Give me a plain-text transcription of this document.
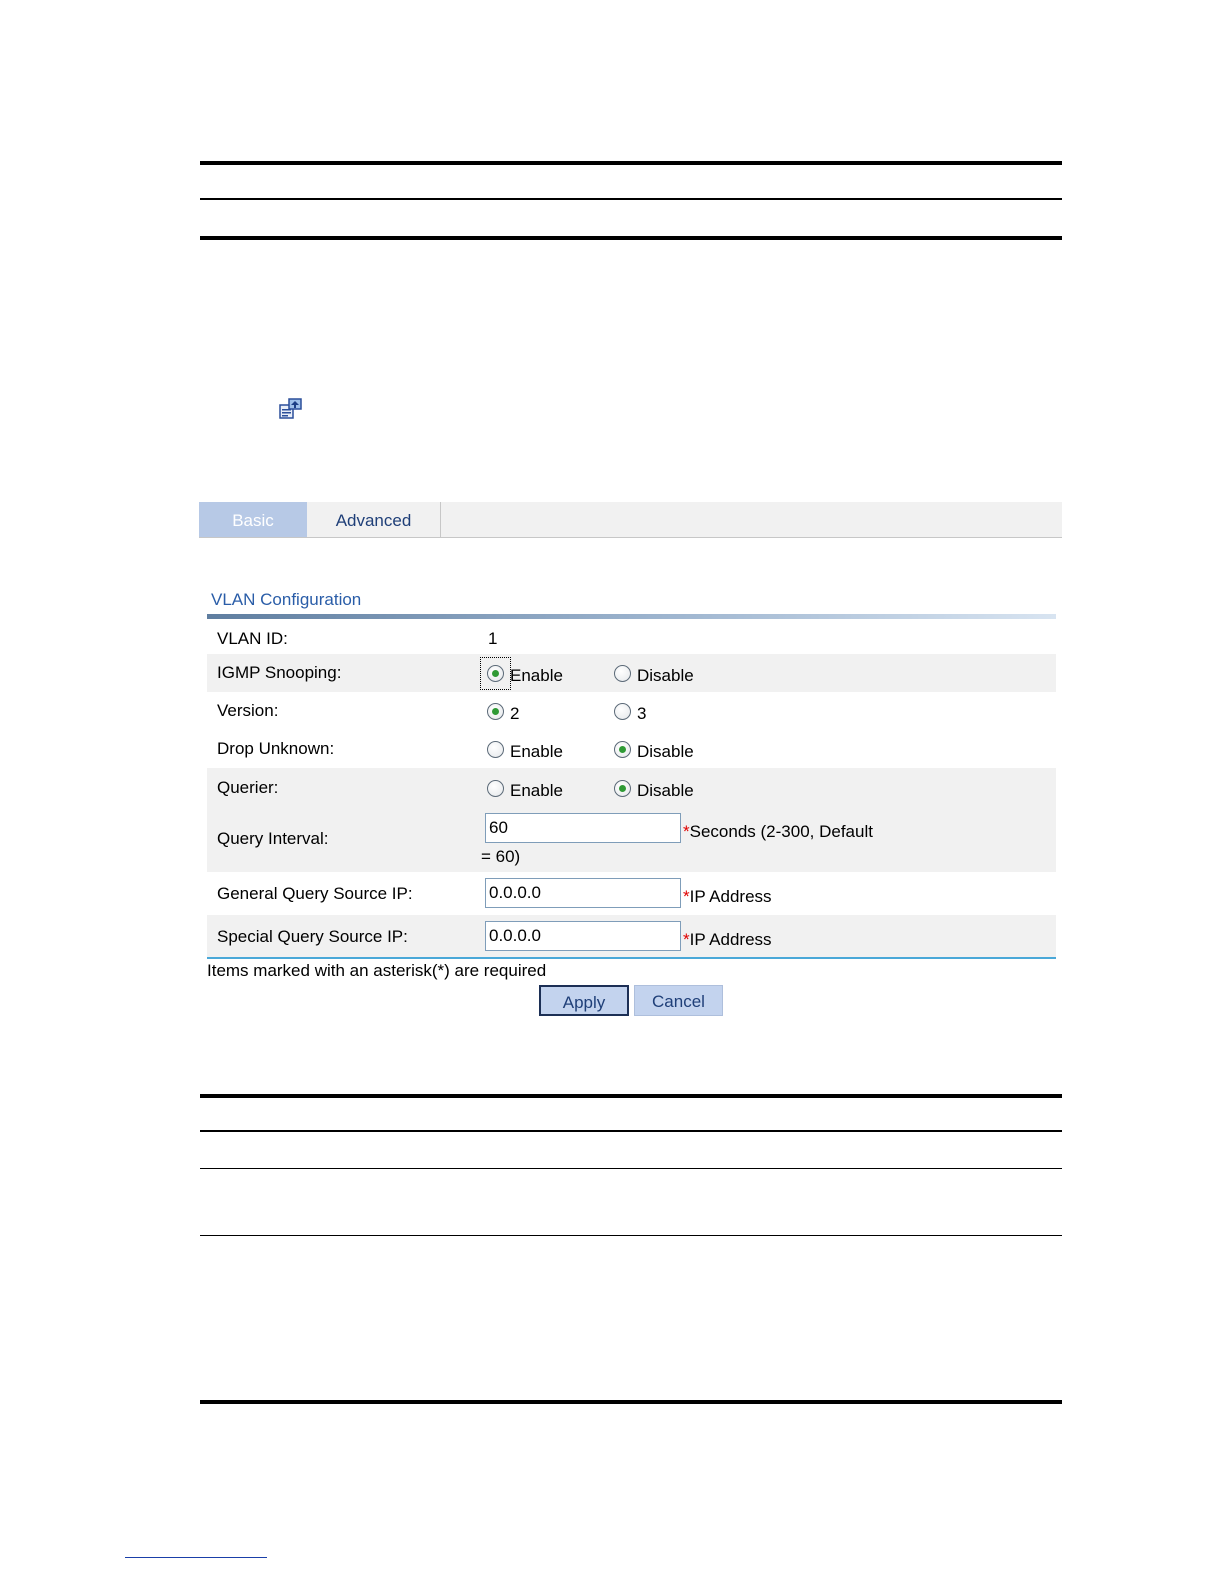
Basic	Advanced
VLAN Configuration
VLAN ID:	1
IGMP Snooping:	Enable	Disable
Version:	2	3
Drop Unknown:	Enable	Disable
Querier:	Enable	Disable
Query Interval:
60	*Seconds (2-300, Default
= 60)
General Query Source IP:
0.0.0.0	*IP Address
Special Query Source IP:
0.0.0.0	*IP Address
Items marked with an asterisk(*) are required
Apply	Cancel
